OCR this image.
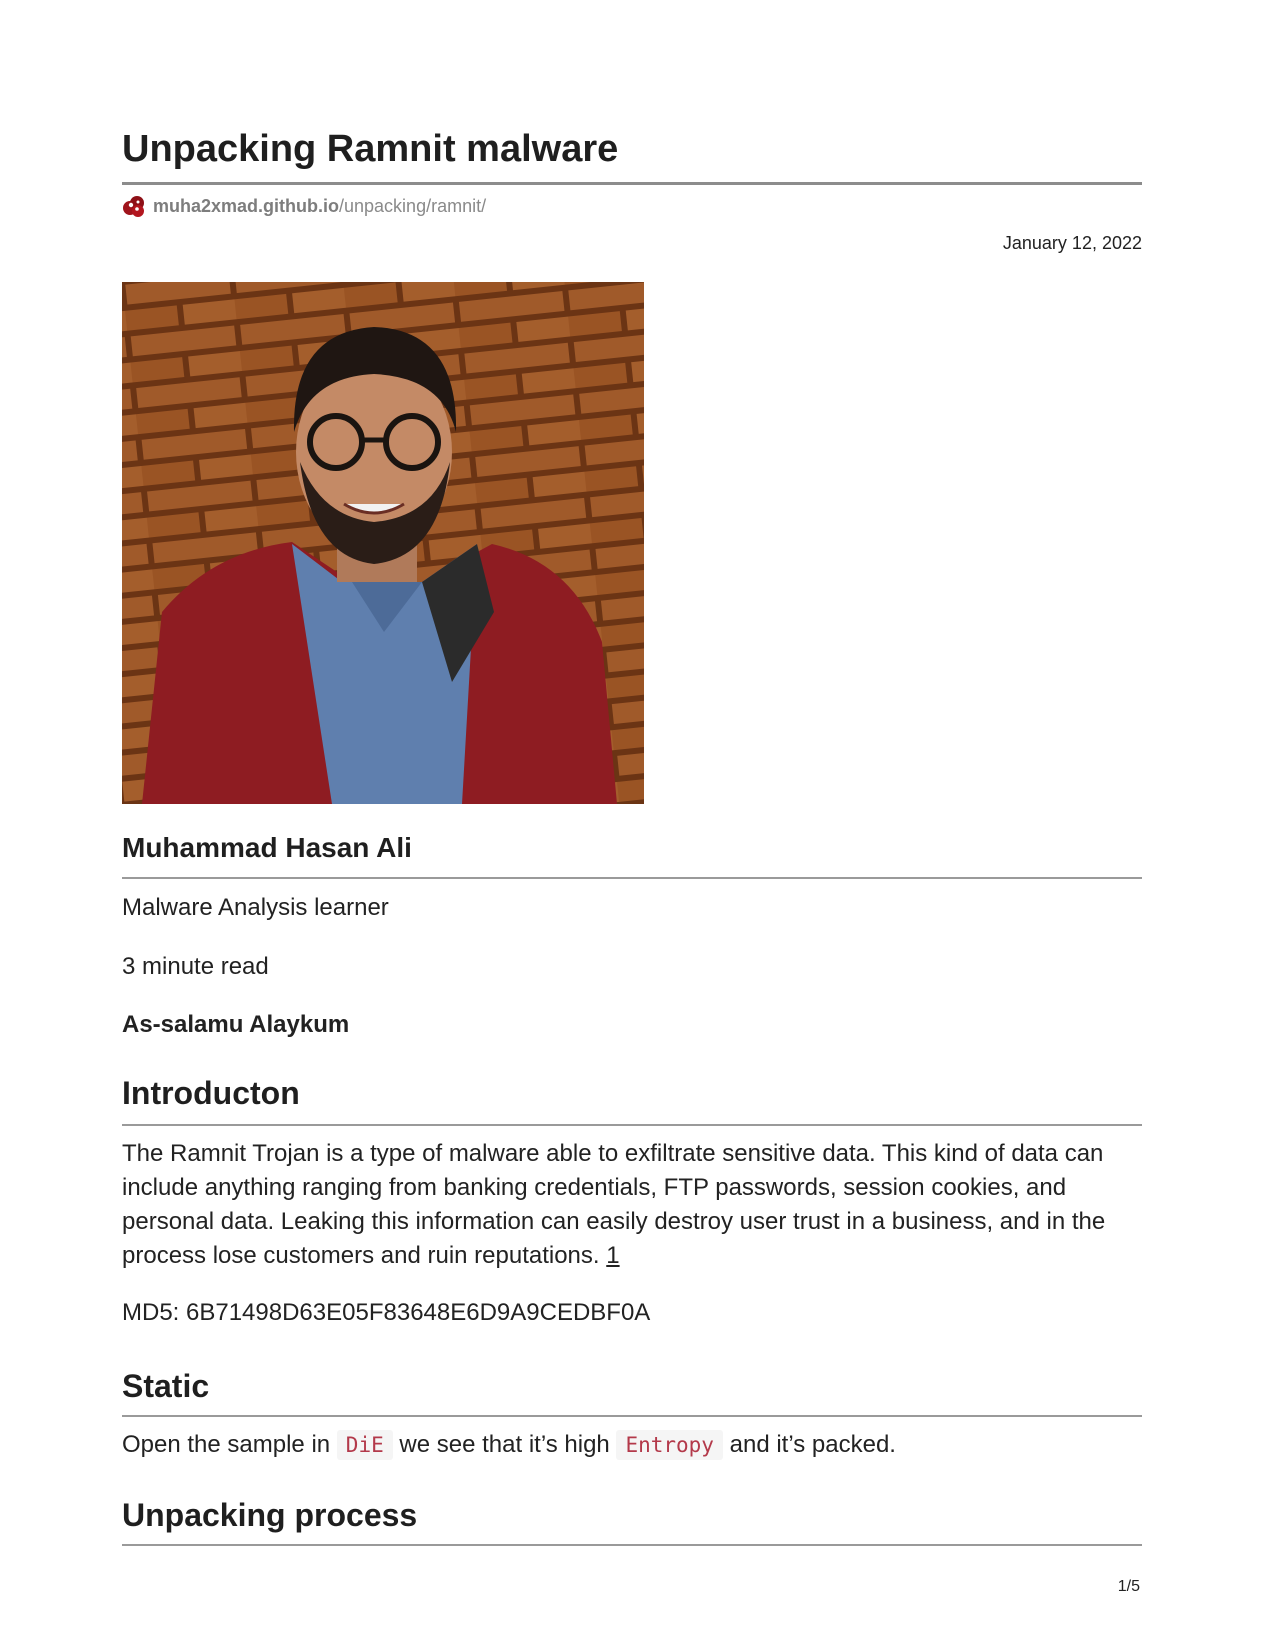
Unpacking Ramnit malware
muha2xmad.github.io/unpacking/ramnit/
January 12, 2022
Muhammad Hasan Ali

Malware Analysis learner

3 minute read

As-salamu Alaykum

Introducton

The Ramnit Trojan is a type of malware able to exfiltrate sensitive data. This kind of data can include anything ranging from banking credentials, FTP passwords, session cookies, and personal data. Leaking this information can easily destroy user trust in a business, and in the process lose customers and ruin reputations. 1

MD5: 6B71498D63E05F83648E6D9A9CEDBF0A

Static

Open the sample in DiE we see that it’s high Entropy and it’s packed.

Unpacking process
1/5
